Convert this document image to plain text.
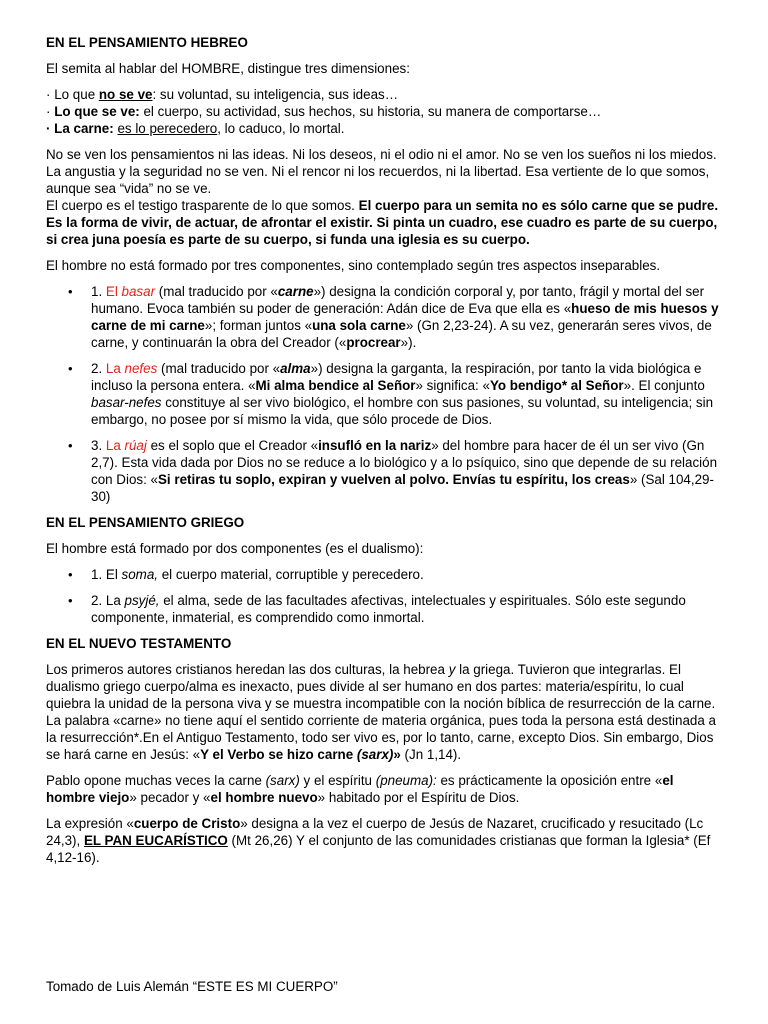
EN EL PENSAMIENTO HEBREO

El semita al hablar del HOMBRE, distingue tres dimensiones:

· Lo que no se ve: su voluntad, su inteligencia, sus ideas…
· Lo que se ve: el cuerpo, su actividad, sus hechos, su historia, su manera de comportarse…
· La carne: es lo perecedero, lo caduco, lo mortal.

No se ven los pensamientos ni las ideas. Ni los deseos, ni el odio ni el amor. No se ven los sueños ni los miedos. La angustia y la seguridad no se ven. Ni el rencor ni los recuerdos, ni la libertad. Esa vertiente de lo que somos, aunque sea “vida” no se ve.

El cuerpo es el testigo trasparente de lo que somos. El cuerpo para un semita no es sólo carne que se pudre. Es la forma de vivir, de actuar, de afrontar el existir. Si pinta un cuadro, ese cuadro es parte de su cuerpo, si crea juna poesía es parte de su cuerpo, si funda una iglesia es su cuerpo.

El hombre no está formado por tres componentes, sino contemplado según tres aspectos inseparables.

• 1. El basar (mal traducido por «carne») designa la condición corporal y, por tanto, frágil y mortal del ser humano. Evoca también su poder de generación: Adán dice de Eva que ella es «hueso de mis huesos y carne de mi carne»; forman juntos «una sola carne» (Gn 2,23-24). A su vez, generarán seres vivos, de carne, y continuarán la obra del Creador («procrear»).
• 2. La nefes (mal traducido por «alma») designa la garganta, la respiración, por tanto la vida biológica e incluso la persona entera. «Mi alma bendice al Señor» significa: «Yo bendigo* al Señor». El conjunto basar-nefes constituye al ser vivo biológico, el hombre con sus pasiones, su voluntad, su inteligencia; sin embargo, no posee por sí mismo la vida, que sólo procede de Dios.
• 3. La rúaj es el soplo que el Creador «insufló en la nariz» del hombre para hacer de él un ser vivo (Gn 2,7). Esta vida dada por Dios no se reduce a lo biológico y a lo psíquico, sino que depende de su relación con Dios: «Si retiras tu soplo, expiran y vuelven al polvo. Envías tu espíritu, los creas» (Sal 104,29-30)
EN EL PENSAMIENTO GRIEGO

El hombre está formado por dos componentes (es el dualismo):

• 1. El soma, el cuerpo material, corruptible y perecedero.
• 2. La psyjé, el alma, sede de las facultades afectivas, intelectuales y espirituales. Sólo este segundo componente, inmaterial, es comprendido como inmortal.
EN EL NUEVO TESTAMENTO

Los primeros autores cristianos heredan las dos culturas, la hebrea y la griega. Tuvieron que integrarlas. El dualismo griego cuerpo/alma es inexacto, pues divide al ser humano en dos partes: materia/espíritu, lo cual quiebra la unidad de la persona viva y se muestra incompatible con la noción bíblica de resurrección de la carne. La palabra «carne» no tiene aquí el sentido corriente de materia orgánica, pues toda la persona está destinada a la resurrección*.En el Antiguo Testamento, todo ser vivo es, por lo tanto, carne, excepto Dios. Sin embargo, Dios se hará carne en Jesús: «Y el Verbo se hizo carne (sarx)» (Jn 1,14).

Pablo opone muchas veces la carne (sarx) y el espíritu (pneuma): es prácticamente la oposición entre «el hombre viejo» pecador y «el hombre nuevo» habitado por el Espíritu de Dios.

La expresión «cuerpo de Cristo» designa a la vez el cuerpo de Jesús de Nazaret, crucificado y resucitado (Lc 24,3), EL PAN EUCARÍSTICO (Mt 26,26) Y el conjunto de las comunidades cristianas que forman la Iglesia* (Ef 4,12-16).

Tomado de Luis Alemán “ESTE ES MI CUERPO”
